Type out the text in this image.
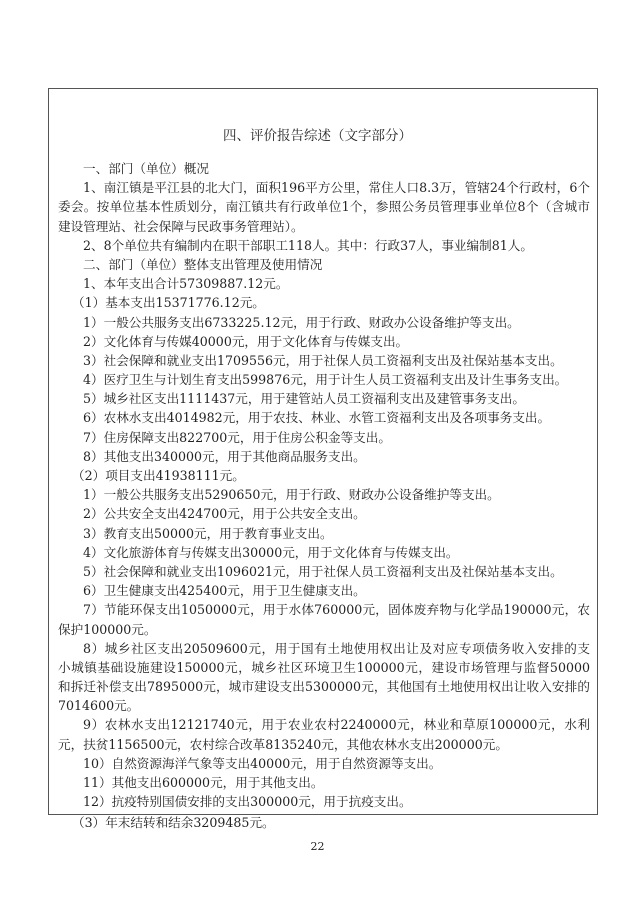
四、评价报告综述（文字部分）
一、部门（单位）概况
1、南江镇是平江县的北大门，面积196平方公里，常住人口8.3万，管辖24个行政村，6个
委会。按单位基本性质划分，南江镇共有行政单位1个，参照公务员管理事业单位8个（含城市
建设管理站、社会保障与民政事务管理站）。
2、8个单位共有编制内在职干部职工118人。其中：行政37人，事业编制81人。
二、部门（单位）整体支出管理及使用情况
1、本年支出合计57309887.12元。
（1）基本支出15371776.12元。
1）一般公共服务支出6733225.12元，用于行政、财政办公设备维护等支出。
2）文化体育与传媒40000元，用于文化体育与传媒支出。
3）社会保障和就业支出1709556元，用于社保人员工资福利支出及社保站基本支出。
4）医疗卫生与计划生育支出599876元，用于计生人员工资福利支出及计生事务支出。
5）城乡社区支出1111437元，用于建管站人员工资福利支出及建管事务支出。
6）农林水支出4014982元，用于农技、林业、水管工资福利支出及各项事务支出。
7）住房保障支出822700元，用于住房公积金等支出。
8）其他支出340000元，用于其他商品服务支出。
（2）项目支出41938111元。
1）一般公共服务支出5290650元，用于行政、财政办公设备维护等支出。
2）公共安全支出424700元，用于公共安全支出。
3）教育支出50000元，用于教育事业支出。
4）文化旅游体育与传媒支出30000元，用于文化体育与传媒支出。
5）社会保障和就业支出1096021元，用于社保人员工资福利支出及社保站基本支出。
6）卫生健康支出425400元，用于卫生健康支出。
7）节能环保支出1050000元，用于水体760000元，固体废弃物与化学品190000元，农
保护100000元。
8）城乡社区支出20509600元，用于国有土地使用权出让及对应专项债务收入安排的支
小城镇基础设施建设150000元，城乡社区环境卫生100000元，建设市场管理与监督50000
和拆迁补偿支出7895000元，城市建设支出5300000元，其他国有土地使用权出让收入安排的
7014600元。
9）农林水支出12121740元，用于农业农村2240000元，林业和草原100000元，水利
元，扶贫1156500元，农村综合改革8135240元，其他农林水支出200000元。
10）自然资源海洋气象等支出40000元，用于自然资源等支出。
11）其他支出600000元，用于其他支出。
12）抗疫特别国债安排的支出300000元，用于抗疫支出。
（3）年末结转和结余3209485元。
22
